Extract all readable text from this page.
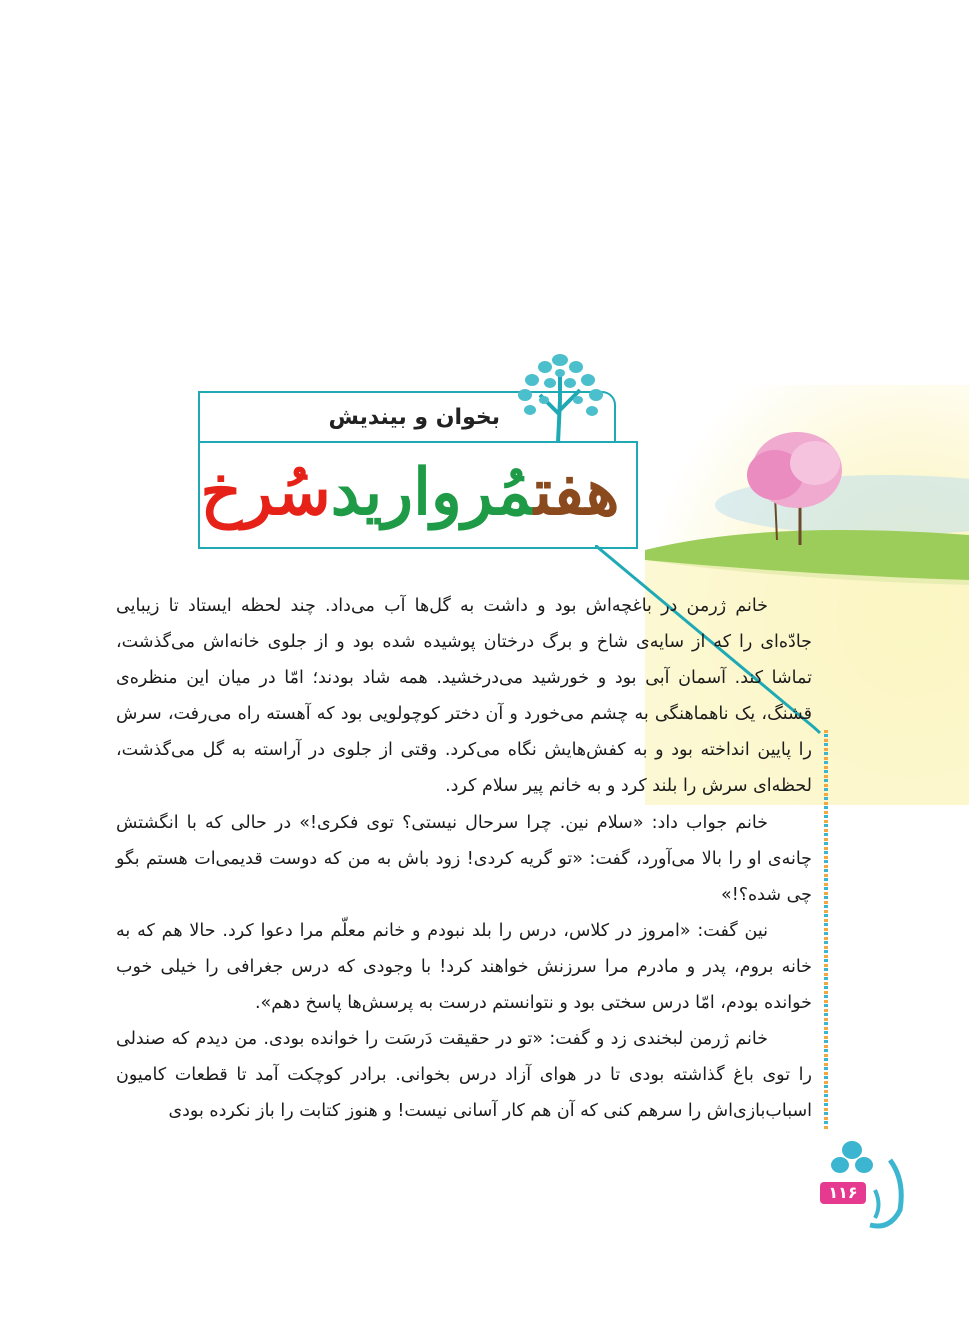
بخوان و بیندیش
هفتمُرواریدسُرخ

خانم ژرمن در باغچه‌اش بود و داشت به گل‌ها آب می‌داد. چند لحظه ایستاد تا زیبایی جادّه‌ای را که از سایه‌ی شاخ و برگ درختان پوشیده شده بود و از جلوی خانه‌اش می‌گذشت، تماشا کند. آسمان آبی بود و خورشید می‌درخشید. همه شاد بودند؛ امّا در میان این منظره‌ی قشنگ، یک ناهماهنگی به چشم می‌خورد و آن دختر کوچولویی بود که آهسته راه می‌رفت، سرش را پایین انداخته بود و به کفش‌هایش نگاه می‌کرد. وقتی از جلوی در آراسته به گل می‌گذشت، لحظه‌ای سرش را بلند کرد و به خانم پیر سلام کرد.

خانم جواب داد: «سلام نین. چرا سرحال نیستی؟ توی فکری!» در حالی که با انگشتش چانه‌ی او را بالا می‌آورد، گفت: «تو گریه کردی! زود باش به من که دوست قدیمی‌ات هستم بگو چی شده؟!»

نین گفت: «امروز در کلاس، درس را بلد نبودم و خانم معلّم مرا دعوا کرد. حالا هم که به خانه بروم، پدر و مادرم مرا سرزنش خواهند کرد! با وجودی که درس جغرافی را خیلی خوب خوانده بودم، امّا درس سختی بود و نتوانستم درست به پرسش‌ها پاسخ دهم».

خانم ژرمن لبخندی زد و گفت: «تو در حقیقت دَرسَت را خوانده بودی. من دیدم که صندلی را توی باغ گذاشته بودی تا در هوای آزاد درس بخوانی. برادر کوچکت آمد تا قطعات کامیون اسباب‌بازی‌اش را سرهم کنی که آن هم کار آسانی نیست! و هنوز کتابت را باز نکرده بودی

۱۱۶
